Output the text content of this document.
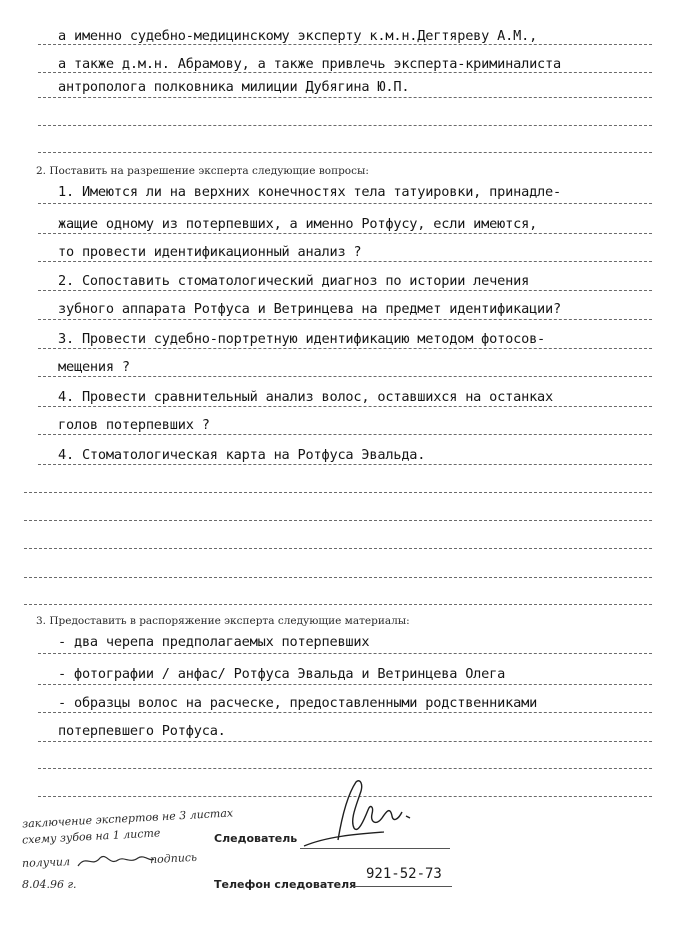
а именно судебно-медицинскому эксперту к.м.н.Дегтяреву А.М.,
а также д.м.н. Абрамову, а также привлечь эксперта-криминалиста
антрополога полковника милиции Дубягина Ю.П.
2. Поставить на разрешение эксперта следующие вопросы:
1. Имеются ли на верхних конечностях тела татуировки, принадле-
жащие одному из потерпевших, а именно Ротфусу, если имеются,
то провести идентификационный анализ ?
2. Сопоставить стоматологический диагноз по истории лечения
зубного аппарата Ротфуса и Ветринцева на предмет идентификации?
3. Провести судебно-портретную идентификацию методом фотосов-
мещения ?
4. Провести сравнительный анализ волос, оставшихся на останках
голов потерпевших ?
4. Стоматологическая карта на Ротфуса Эвальда.
3. Предоставить в распоряжение эксперта следующие материалы:
- два черепа предполагаемых потерпевших
- фотографии / анфас/ Ротфуса Эвальда и Ветринцева Олега
- образцы волос на расческе, предоставленными родственниками
потерпевшего Ротфуса.
заключение экспертов не 3 листах
схему зубов на 1 листе
получил	подпись
8.04.96 г.
Следователь
Телефон следователя
921-52-73
